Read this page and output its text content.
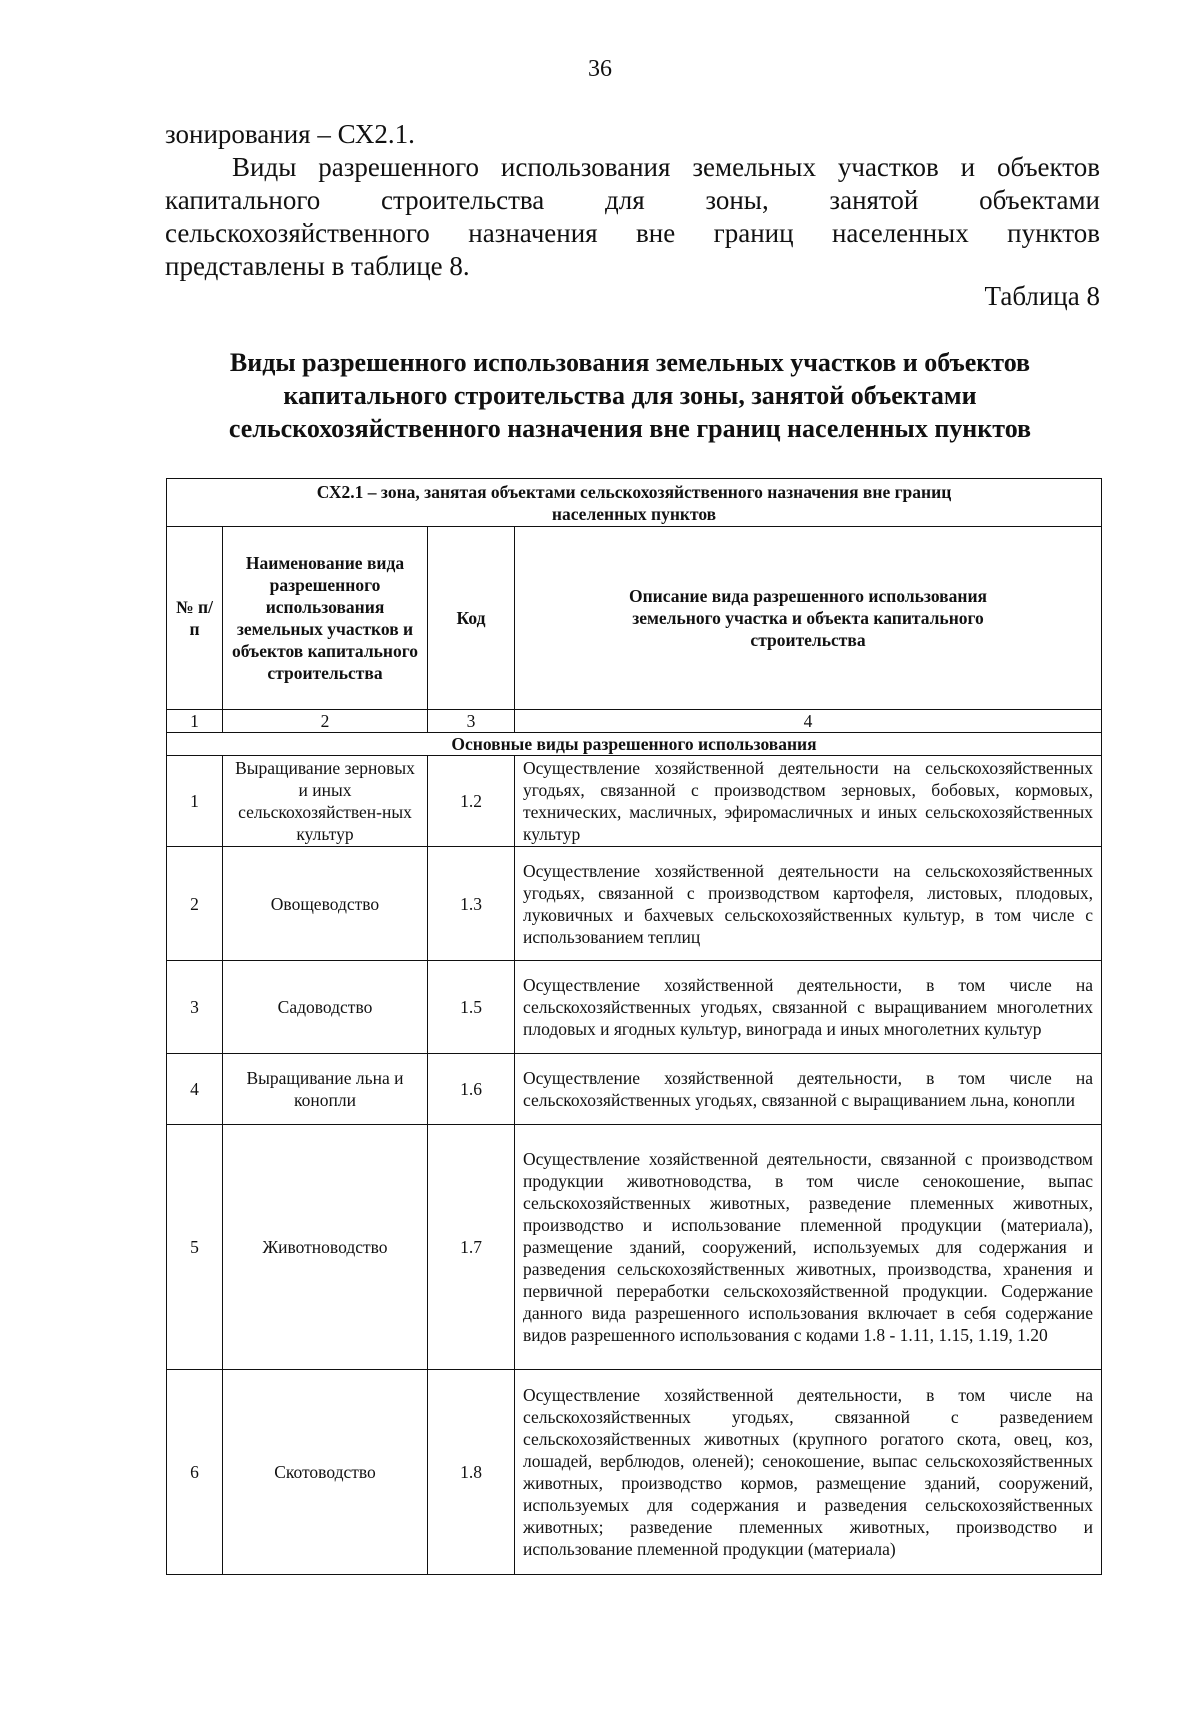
36

зонирования – СХ2.1.

Виды разрешенного использования земельных участков и объектов капитального строительства для зоны, занятой объектами сельскохозяйственного назначения вне границ населенных пунктов представлены в таблице 8.

Таблица 8
Виды разрешенного использования земельных участков и объектов капитального строительства для зоны, занятой объектами сельскохозяйственного назначения вне границ населенных пунктов
СХ2.1 – зона, занятая объектами сельскохозяйственного назначения вне границ населенных пунктов			
№ п/п	Наименование вида разрешенного использования земельных участков и объектов капитального строительства	Код	Описание вида разрешенного использования земельного участка и объекта капитального строительства
1	2	3	4
Основные виды разрешенного использования			
1	Выращивание зерновых и иных сельскохозяйствен-ных культур	1.2	Осуществление хозяйственной деятельности на сельскохозяйственных угодьях, связанной с производством зерновых, бобовых, кормовых, технических, масличных, эфиромасличных и иных сельскохозяйственных культур
2	Овощеводство	1.3	Осуществление хозяйственной деятельности на сельскохозяйственных угодьях, связанной с производством картофеля, листовых, плодовых, луковичных и бахчевых сельскохозяйственных культур, в том числе с использованием теплиц
3	Садоводство	1.5	Осуществление хозяйственной деятельности, в том числе на сельскохозяйственных угодьях, связанной с выращиванием многолетних плодовых и ягодных культур, винограда и иных многолетних культур
4	Выращивание льна и конопли	1.6	Осуществление хозяйственной деятельности, в том числе на сельскохозяйственных угодьях, связанной с выращиванием льна, конопли
5	Животноводство	1.7	Осуществление хозяйственной деятельности, связанной с производством продукции животноводства, в том числе сенокошение, выпас сельскохозяйственных животных, разведение племенных животных, производство и использование племенной продукции (материала), размещение зданий, сооружений, используемых для содержания и разведения сельскохозяйственных животных, производства, хранения и первичной переработки сельскохозяйственной продукции. Содержание данного вида разрешенного использования включает в себя содержание видов разрешенного использования с кодами 1.8 - 1.11, 1.15, 1.19, 1.20
6	Скотоводство	1.8	Осуществление хозяйственной деятельности, в том числе на сельскохозяйственных угодьях, связанной с разведением сельскохозяйственных животных (крупного рогатого скота, овец, коз, лошадей, верблюдов, оленей); сенокошение, выпас сельскохозяйственных животных, производство кормов, размещение зданий, сооружений, используемых для содержания и разведения сельскохозяйственных животных; разведение племенных животных, производство и использование племенной продукции (материала)
